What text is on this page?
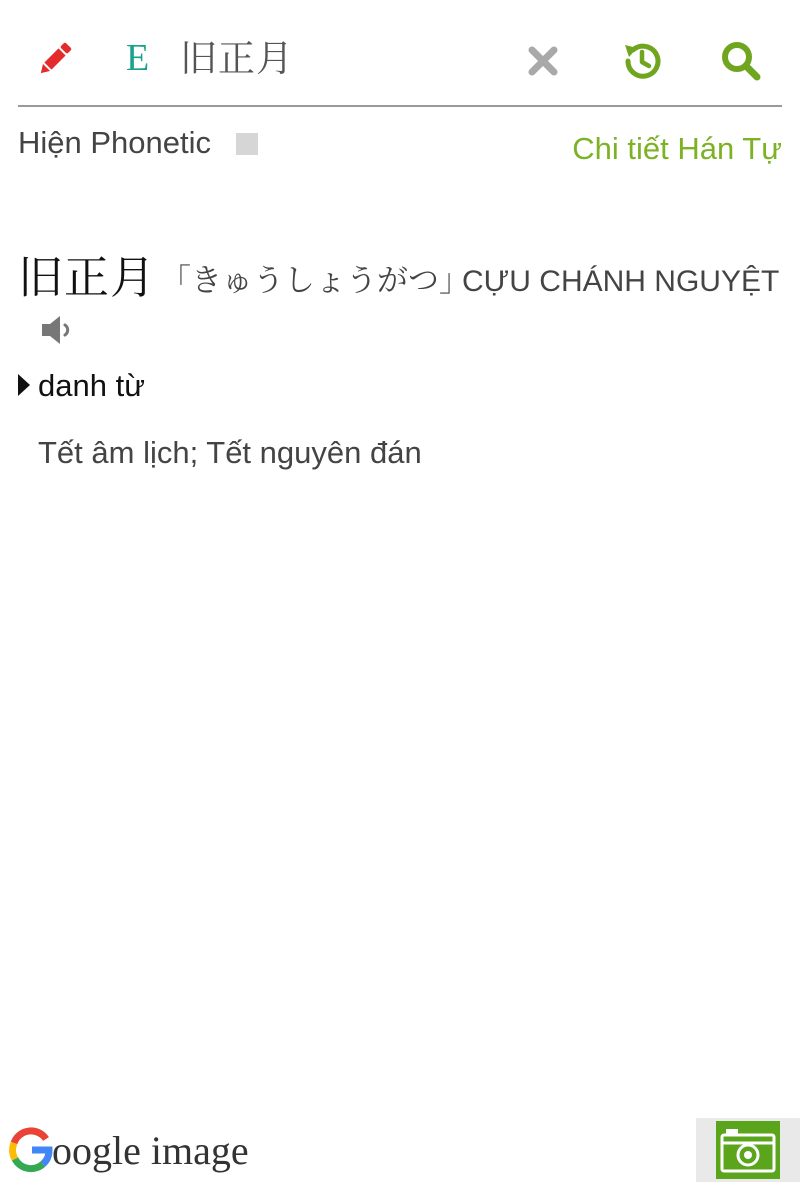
E 旧正月
Hiện Phonetic	Chi tiết Hán Tự
旧正月 「きゅうしょうがつ」
CỰU CHÁNH NGUYỆT
danh từ
Tết âm lịch; Tết nguyên đán
oogle image
